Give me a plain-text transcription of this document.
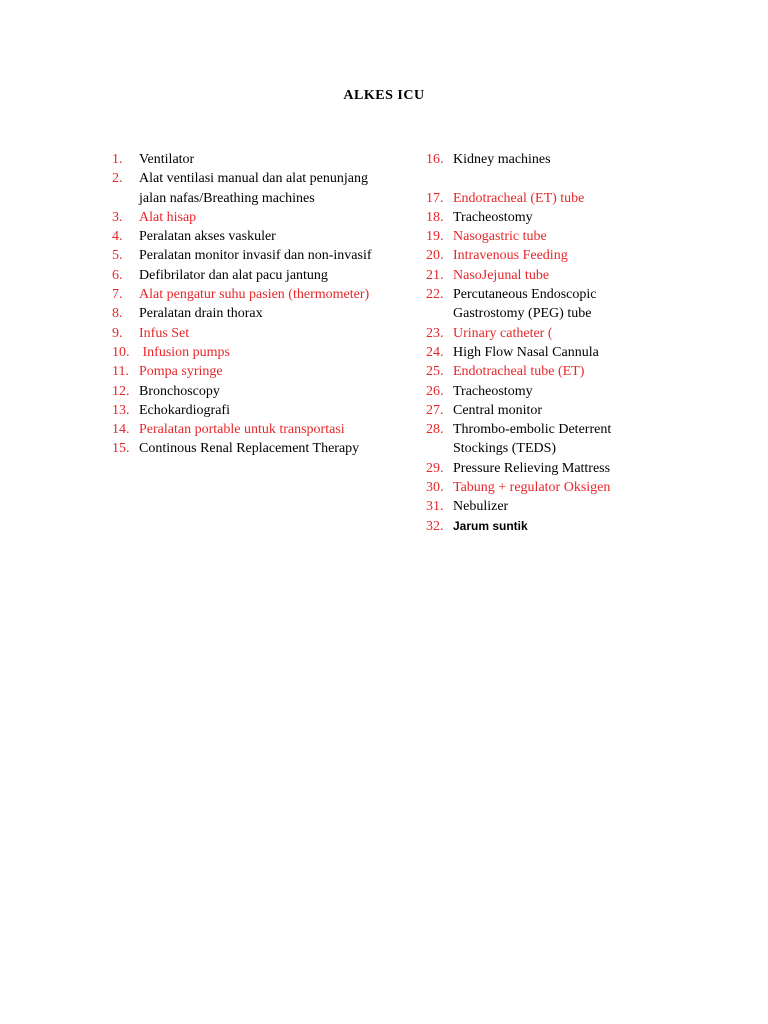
ALKES ICU
1.	Ventilator
2.	Alat ventilasi manual dan alat penunjang jalan nafas/Breathing machines
3.	Alat hisap
4.	Peralatan akses vaskuler
5.	Peralatan monitor invasif dan non-invasif
6.	Defibrilator dan alat pacu jantung
7.	Alat pengatur suhu pasien (thermometer)
8.	Peralatan drain thorax
9.	Infus Set
10. Infusion pumps
11. Pompa syringe
12. Bronchoscopy
13. Echokardiografi
14. Peralatan portable untuk transportasi
15. Continous Renal Replacement Therapy
16. Kidney machines
17. Endotracheal (ET) tube
18. Tracheostomy
19. Nasogastric tube
20. Intravenous Feeding
21. NasoJejunal tube
22. Percutaneous Endoscopic Gastrostomy (PEG) tube
23. Urinary catheter (
24. High Flow Nasal Cannula
25. Endotracheal tube (ET)
26. Tracheostomy
27. Central monitor
28. Thrombo-embolic Deterrent Stockings (TEDS)
29. Pressure Relieving Mattress
30. Tabung + regulator Oksigen
31. Nebulizer
32. Jarum suntik
